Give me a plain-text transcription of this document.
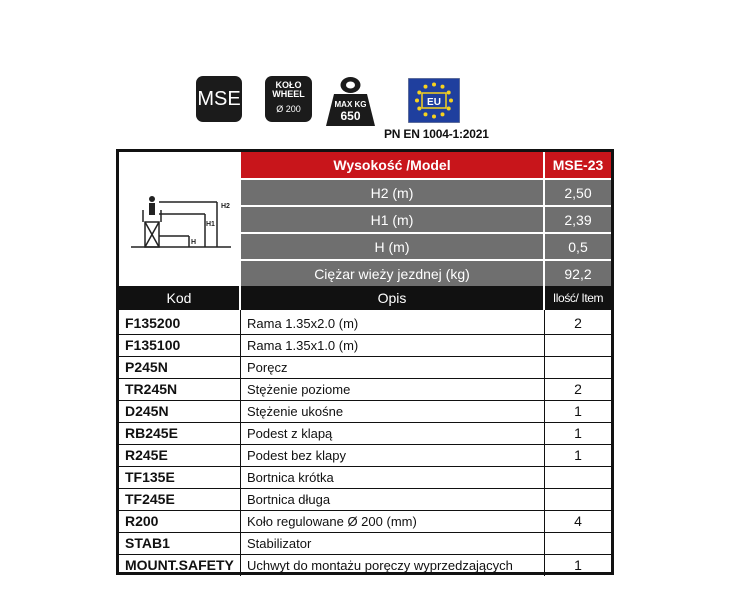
MSE
KOŁO
WHEEL
Ø 200	MAX KG
650
EU
PN EN 1004-1:2021
H2
H1
H
Wysokość /Model	MSE-23
H2 (m)	2,50
H1 (m)	2,39
H (m)	0,5
Ciężar wieży jezdnej (kg)	92,2
Kod	Opis	Ilość/ Item
F135200	Rama 1.35x2.0 (m)	2
F135100	Rama 1.35x1.0 (m)
P245N	Poręcz
TR245N	Stężenie poziome	2
D245N	Stężenie ukośne	1
RB245E	Podest z klapą	1
R245E	Podest bez klapy	1
TF135E	Bortnica krótka
TF245E	Bortnica długa
R200	Koło regulowane Ø 200 (mm)	4
STAB1	Stabilizator
MOUNT.SAFETY	Uchwyt do montażu poręczy wyprzedzających	1
